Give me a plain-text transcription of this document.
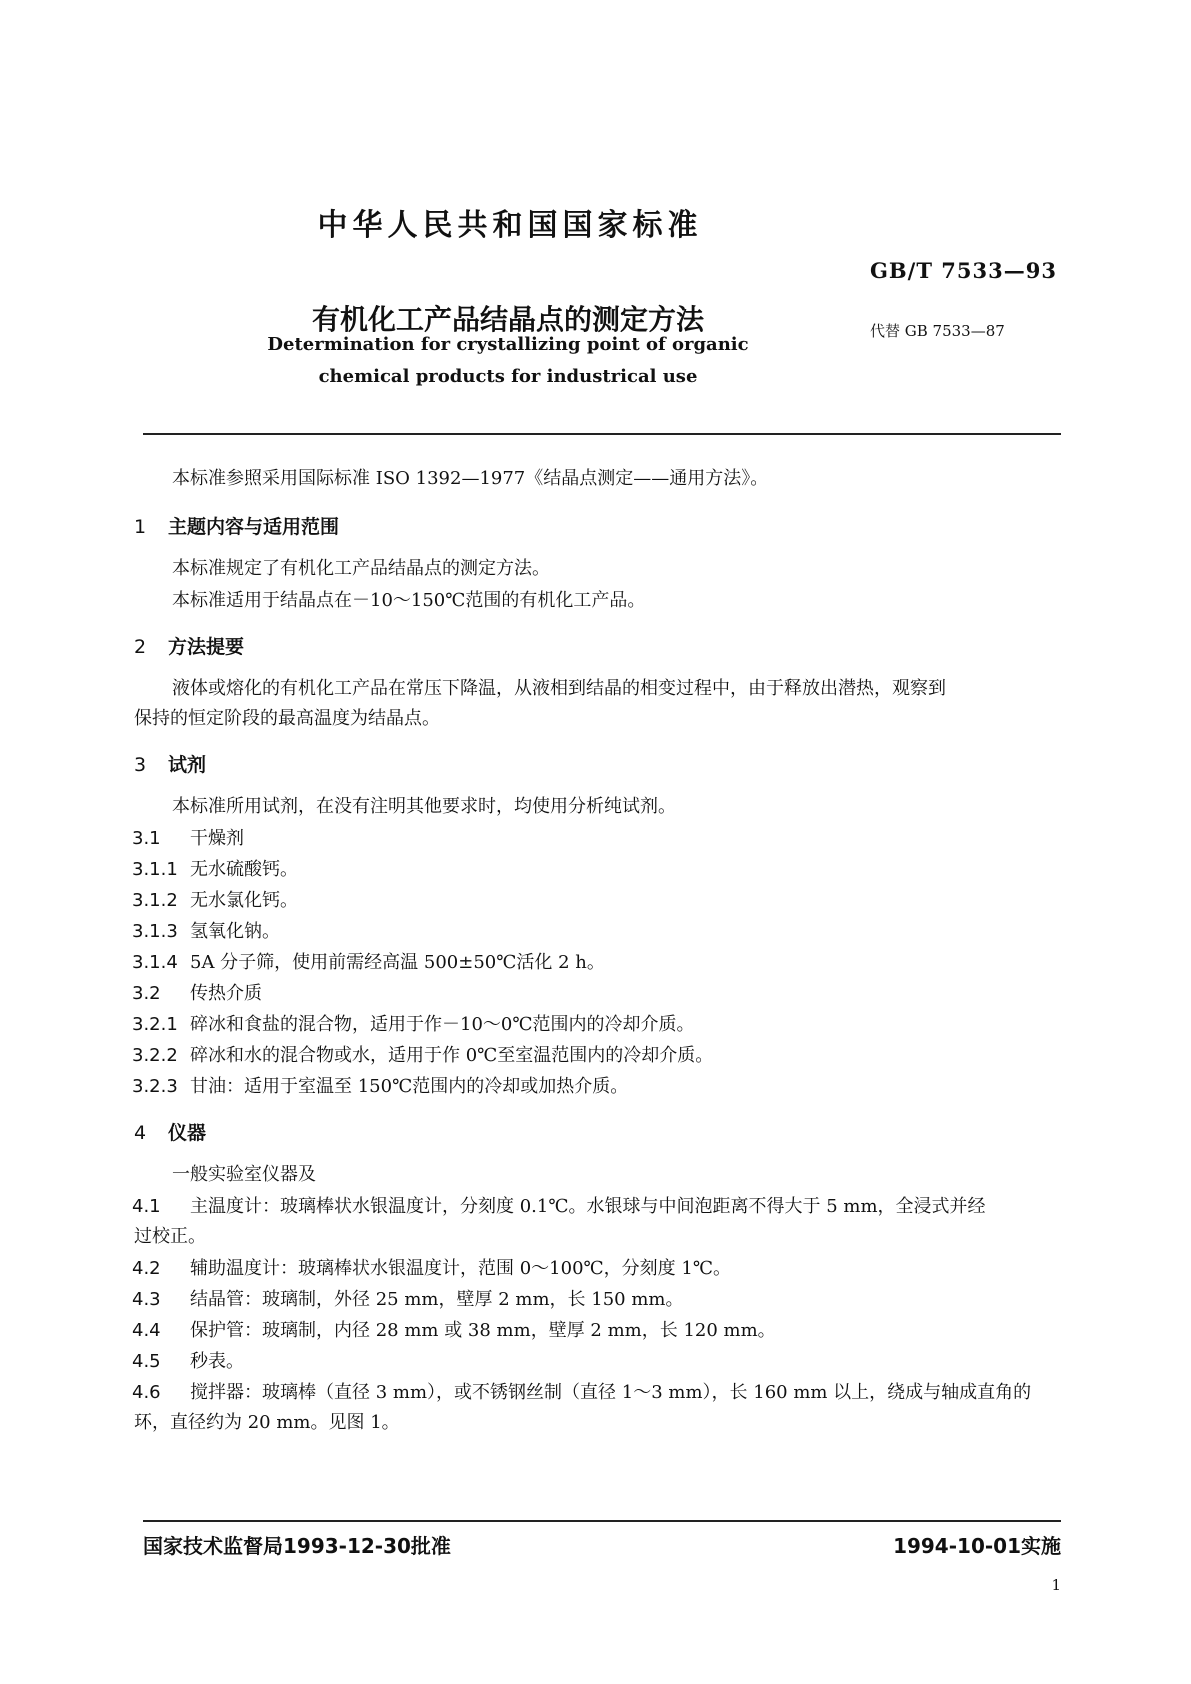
中华人民共和国国家标准
GB/T 7533—93
有机化工产品结晶点的测定方法	代替 GB 7533—87
Determination for crystallizing point of organic
chemical products for industrical use
本标准参照采用国际标准 ISO 1392—1977《结晶点测定——通用方法》。
1 主题内容与适用范围
本标准规定了有机化工产品结晶点的测定方法。
本标准适用于结晶点在－10～150℃范围的有机化工产品。
2 方法提要
液体或熔化的有机化工产品在常压下降温，从液相到结晶的相变过程中，由于释放出潜热，观察到
保持的恒定阶段的最高温度为结晶点。
3 试剂
本标准所用试剂，在没有注明其他要求时，均使用分析纯试剂。
3.1 干燥剂
3.1.1 无水硫酸钙。
3.1.2 无水氯化钙。
3.1.3 氢氧化钠。
3.1.4 5A 分子筛，使用前需经高温 500±50℃活化 2 h。
3.2 传热介质
3.2.1 碎冰和食盐的混合物，适用于作－10～0℃范围内的冷却介质。
3.2.2 碎冰和水的混合物或水，适用于作 0℃至室温范围内的冷却介质。
3.2.3 甘油：适用于室温至 150℃范围内的冷却或加热介质。
4 仪器
一般实验室仪器及
4.1 主温度计：玻璃棒状水银温度计，分刻度 0.1℃。水银球与中间泡距离不得大于 5 mm，全浸式并经
过校正。
4.2 辅助温度计：玻璃棒状水银温度计，范围 0～100℃，分刻度 1℃。
4.3 结晶管：玻璃制，外径 25 mm，壁厚 2 mm，长 150 mm。
4.4 保护管：玻璃制，内径 28 mm 或 38 mm，壁厚 2 mm，长 120 mm。
4.5 秒表。
4.6 搅拌器：玻璃棒（直径 3 mm），或不锈钢丝制（直径 1～3 mm），长 160 mm 以上，绕成与轴成直角的
环，直径约为 20 mm。见图 1。
国家技术监督局1993-12-30批准	1994-10-01实施
1
